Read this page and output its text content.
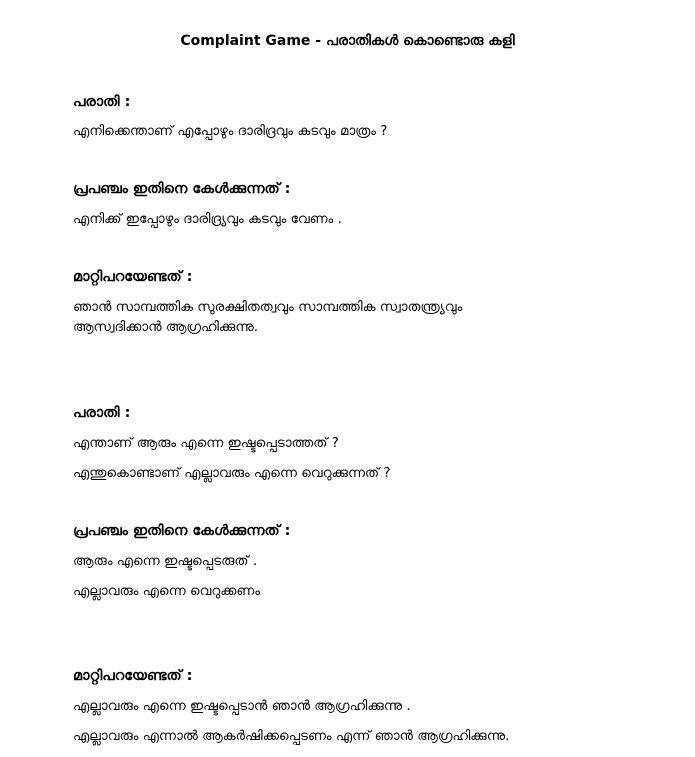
Complaint Game - പരാതികൾ കൊണ്ടൊരു കളി
പരാതി :
എനിക്കെന്താണ് എപ്പോഴും ദാരിദ്രവും കടവും മാത്രം ?
പ്രപഞ്ചം ഇതിനെ കേൾക്കുന്നത് :
എനിക്ക് ഇപ്പോഴും ദാരിദ്ര്യവും കടവും വേണം .
മാറ്റിപറയേണ്ടത് :
ഞാൻ സാമ്പത്തിക സുരക്ഷിതത്വവും സാമ്പത്തിക സ്വാതന്ത്ര്യവും
ആസ്വദിക്കാൻ ആഗ്രഹിക്കുന്നു.
പരാതി :
എന്താണ് ആരും എന്നെ ഇഷ്ടപ്പെടാത്തത് ?
എന്തുകൊണ്ടാണ് എല്ലാവരും എന്നെ വെറുക്കുന്നത് ?
പ്രപഞ്ചം ഇതിനെ കേൾക്കുന്നത് :
ആരും എന്നെ ഇഷ്ടപ്പെടരുത് .
എല്ലാവരും എന്നെ വെറുക്കണം
മാറ്റിപറയേണ്ടത് :
എല്ലാവരും എന്നെ ഇഷ്ടപ്പെടാൻ ഞാൻ ആഗ്രഹിക്കുന്നു .
എല്ലാവരും എന്നാൽ ആകർഷിക്കപ്പെടണം എന്ന് ഞാൻ ആഗ്രഹിക്കുന്നു.
